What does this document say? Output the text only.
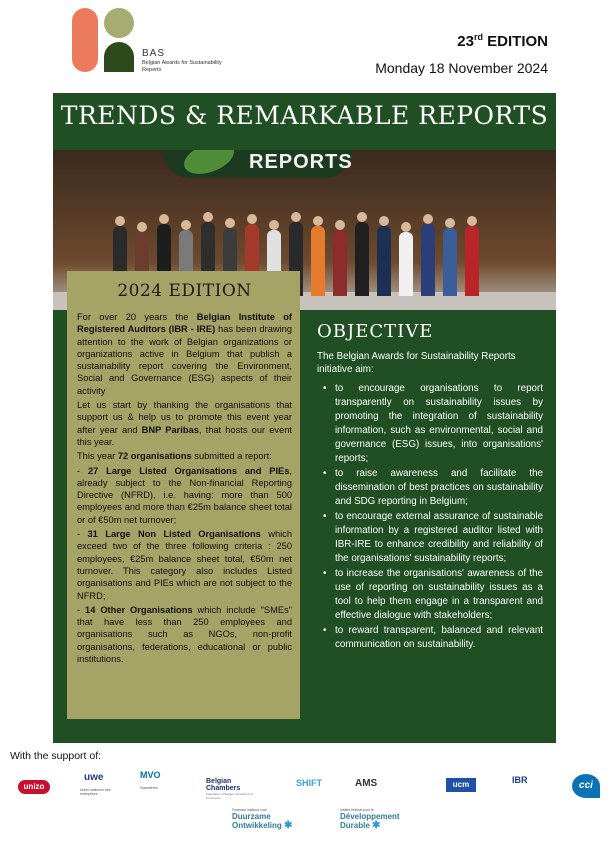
BAS
Belgian Awards for Sustainability Reports
23rd EDITION
Monday 18 November 2024
TRENDS & REMARKABLE REPORTS
REPORTS
2024 EDITION

For over 20 years the Belgian Institute of Registered Auditors (IBR - IRE) has been drawing attention to the work of Belgian organizations or organizations active in Belgium that publish a sustainability report covering the Environment, Social and Governance (ESG) aspects of their activity

Let us start by thanking the organisations that support us & help us to promote this event year after year and BNP Paribas, that hosts our event this year.

This year 72 organisations submitted a report:

- 27 Large Listed Organisations and PIEs, already subject to the Non-financial Reporting Directive (NFRD), i.e. having: more than 500 employees and more than €25m balance sheet total or of €50m net turnover;

- 31 Large Non Listed Organisations which exceed two of the three following criteria : 250 employees, €25m balance sheet total, €50m net turnover. This category also includes Listed organisations and PIEs which are not subject to the NFRD;

- 14 Other Organisations which include "SMEs" that have less than 250 employees and organisations such as NGOs, non-profit organisations, federations, educational or public institutions.

OBJECTIVE
The Belgian Awards for Sustainability Reports initiative aim:
• to encourage organisations to report transparently on sustainability issues by promoting the integration of sustainability information, such as environmental, social and governance (ESG) issues, into organisations' reports;
• to raise awareness and facilitate the dissemination of best practices on sustainability and SDG reporting in Belgium;
• to encourage external assurance of sustainable information by a registered auditor listed with IBR-IRE to enhance credibility and reliability of the organisations' sustainability reports;
• to increase the organisations' awareness of the use of reporting on sustainability issues as a tool to help them engage in a transparent and effective dialogue with stakeholders;
• to reward transparent, balanced and relevant communication on sustainability.
With the support of:
unizo
uwe
Union wallonne des entreprises
MVO
Vlaanderen
Belgian Chambers
Federation of Belgian Chambers of Commerce
SHIFT	AMS	ucm	IBR	cci
Federaal Instituut voor
Duurzame Ontwikkeling ✱
Institut fédéral pour le
Développement Durable ✱
